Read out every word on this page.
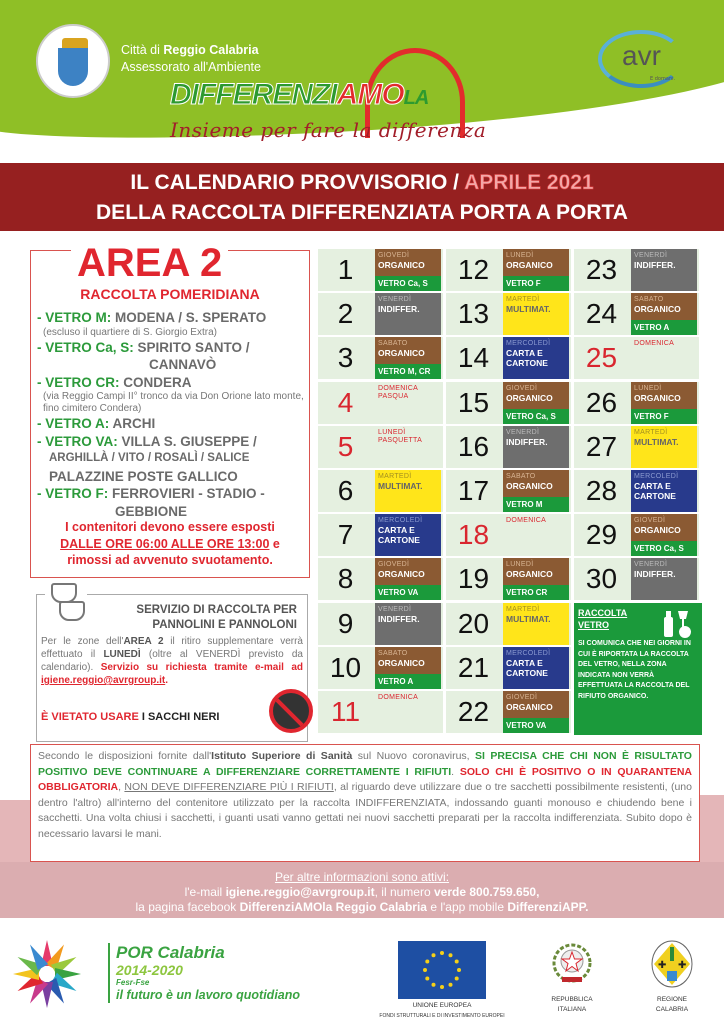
Città di Reggio Calabria
Assessorato all'Ambiente	avr
E domani.
DIFFERENZIAMOLA
Insieme per fare la differenza
IL CALENDARIO PROVVISORIO / APRILE 2021
DELLA RACCOLTA DIFFERENZIATA PORTA A PORTA
AREA 2
RACCOLTA POMERIDIANA
- VETRO M: MODENA / S. SPERATO
(escluso il quartiere di S. Giorgio Extra)
- VETRO Ca, S: SPIRITO SANTO /
CANNAVÒ
- VETRO CR: CONDERA
(via Reggio Campi II° tronco da via Don Orione lato monte, fino cimitero Condera)
- VETRO A: ARCHI
- VETRO VA: VILLA S. GIUSEPPE /
ARGHILLÀ / VITO / ROSALÌ / SALICE
PALAZZINE POSTE GALLICO
- VETRO F: FERROVIERI - STADIO -
GEBBIONE
I contenitori devono essere esposti
DALLE ORE 06:00 ALLE ORE 13:00 e
rimossi ad avvenuto svuotamento.
SERVIZIO DI RACCOLTA PER
PANNOLINI E PANNOLONI
Per le zone dell'AREA 2 il ritiro supplementare verrà effettuato il LUNEDÌ (oltre al VENERDÌ previsto da calendario). Servizio su richiesta tramite e-mail ad igiene.reggio@avrgroup.it.
È VIETATO USARE I SACCHI NERI
1	GIOVEDÌ
ORGANICO
VETRO Ca, S
2	VENERDÌ
INDIFFER.
3	SABATO
ORGANICO
VETRO M, CR
4	DOMENICA
PASQUA
5	LUNEDÌ
PASQUETTA
6	MARTEDÌ
MULTIMAT.
7	MERCOLEDÌ
CARTA E
CARTONE
8	GIOVEDÌ
ORGANICO
VETRO VA
9	VENERDÌ
INDIFFER.
10	SABATO
ORGANICO
VETRO A
11	DOMENICA
12	LUNEDÌ
ORGANICO
VETRO F
13	MARTEDÌ
MULTIMAT.
14	MERCOLEDÌ
CARTA E
CARTONE
15	GIOVEDÌ
ORGANICO
VETRO Ca, S
16	VENERDÌ
INDIFFER.
17	SABATO
ORGANICO
VETRO M
18	DOMENICA
19	LUNEDÌ
ORGANICO
VETRO CR
20	MARTEDÌ
MULTIMAT.
21	MERCOLEDÌ
CARTA E
CARTONE
22	GIOVEDÌ
ORGANICO
VETRO VA
23	VENERDÌ
INDIFFER.
24	SABATO
ORGANICO
VETRO A
25	DOMENICA
26	LUNEDÌ
ORGANICO
VETRO F
27	MARTEDÌ
MULTIMAT.
28	MERCOLEDÌ
CARTA E
CARTONE
29	GIOVEDÌ
ORGANICO
VETRO Ca, S
30	VENERDÌ
INDIFFER.
RACCOLTA VETRO
SI COMUNICA CHE NEI GIORNI IN CUI È RIPORTATA LA RACCOLTA DEL VETRO, NELLA ZONA INDICATA NON VERRÀ EFFETTUATA LA RACCOLTA DEL RIFIUTO ORGANICO.
Secondo le disposizioni fornite dall'Istituto Superiore di Sanità sul Nuovo coronavirus, SI PRECISA CHE CHI NON È RISULTATO POSITIVO DEVE CONTINUARE A DIFFERENZIARE CORRETTAMENTE I RIFIUTI. SOLO CHI È POSITIVO O IN QUARANTENA OBBLIGATORIA, NON DEVE DIFFERENZIARE PIÙ I RIFIUTI, al riguardo deve utilizzare due o tre sacchetti possibilmente resistenti, (uno dentro l'altro) all'interno del contenitore utilizzato per la raccolta INDIFFERENZIATA, indossando guanti monouso e chiudendo bene i sacchetti. Una volta chiusi i sacchetti, i guanti usati vanno gettati nei nuovi sacchetti preparati per la raccolta indifferenziata. Subito dopo è necessario lavarsi le mani.
Per altre informazioni sono attivi:
l'e-mail igiene.reggio@avrgroup.it, il numero verde 800.759.650,
la pagina facebook DifferenziAMOla Reggio Calabria e l'app mobile DifferenziAPP.
POR Calabria
2014-2020
Fesr-Fse
il futuro è un lavoro quotidiano
UNIONE EUROPEA
FONDI STRUTTURALI E DI INVESTIMENTO EUROPEI
REPUBBLICA
ITALIANA
✚ ✚
REGIONE
CALABRIA
